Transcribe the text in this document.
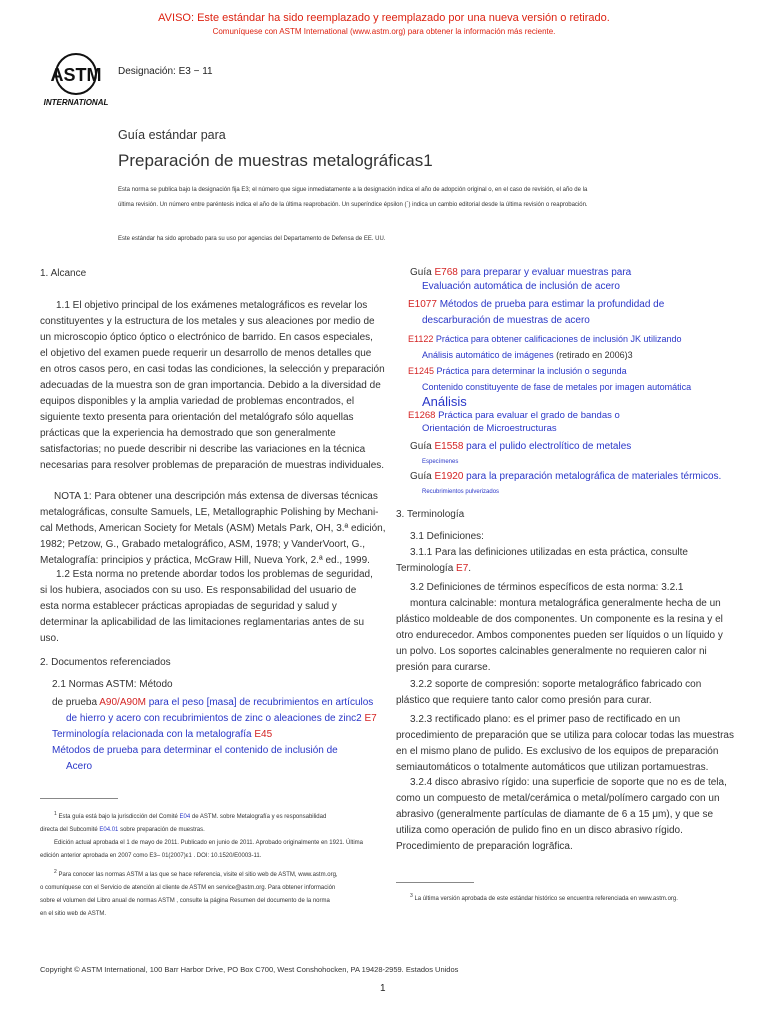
AVISO: Este estándar ha sido reemplazado y reemplazado por una nueva versión o retirado.
Comuníquese con ASTM International (www.astm.org) para obtener la información más reciente.
ASTM
INTERNATIONAL
Designación: E3 − 11
Guía estándar para
Preparación de muestras metalográficas1
Esta norma se publica bajo la designación fija E3; el número que sigue inmediatamente a la designación indica el año de adopción original o, en el caso de revisión, el año de la
última revisión. Un número entre paréntesis indica el año de la última reaprobación. Un superíndice épsilon (´) indica un cambio editorial desde la última revisión o reaprobación.
Este estándar ha sido aprobado para su uso por agencias del Departamento de Defensa de EE. UU.
1. Alcance
1.1 El objetivo principal de los exámenes metalográficos es revelar los
constituyentes y la estructura de los metales y sus aleaciones por medio de
un microscopio óptico óptico o electrónico de barrido. En casos especiales,
el objetivo del examen puede requerir un desarrollo de menos detalles que
en otros casos pero, en casi todas las condiciones, la selección y preparación
adecuadas de la muestra son de gran importancia. Debido a la diversidad de
equipos disponibles y la amplia variedad de problemas encontrados, el
siguiente texto presenta para orientación del metalógrafo sólo aquellas
prácticas que la experiencia ha demostrado que son generalmente
satisfactorias; no puede describir ni describe las variaciones en la técnica
necesarias para resolver problemas de preparación de muestras individuales.
NOTA 1: Para obtener una descripción más extensa de diversas técnicas
metalográficas, consulte Samuels, LE, Metallographic Polishing by Mechani-
cal Methods, American Society for Metals (ASM) Metals Park, OH, 3.ª edición,
1982; Petzow, G., Grabado metalográfico, ASM, 1978; y VanderVoort, G.,
Metalografía: principios y práctica, McGraw Hill, Nueva York, 2.ª ed., 1999.
1.2 Esta norma no pretende abordar todos los problemas de seguridad,
si los hubiera, asociados con su uso. Es responsabilidad del usuario de
esta norma establecer prácticas apropiadas de seguridad y salud y
determinar la aplicabilidad de las limitaciones reglamentarias antes de su
uso.
2. Documentos referenciados
2.1 Normas ASTM: Método
de prueba A90/A90M para el peso [masa] de recubrimientos en artículos
de hierro y acero con recubrimientos de zinc o aleaciones de zinc2 E7
Terminología relacionada con la metalografía E45
Métodos de prueba para determinar el contenido de inclusión de
Acero
$^1$ Esta guía está bajo la jurisdicción del Comité E04 de ASTM. sobre Metalografía y es responsabilidad
directa del Subcomité E04.01 sobre preparación de muestras.
Edición actual aprobada el 1 de mayo de 2011. Publicado en junio de 2011. Aprobado originalmente en 1921. Última
edición anterior aprobada en 2007 como E3– 01(2007)ε1 . DOI: 10.1520/E0003-11.
$^2$ Para conocer las normas ASTM a las que se hace referencia, visite el sitio web de ASTM, www.astm.org,
o comuníquese con el Servicio de atención al cliente de ASTM en service@astm.org. Para obtener información
sobre el volumen del Libro anual de normas ASTM , consulte la página Resumen del documento de la norma
en el sitio web de ASTM.
Guía E768 para preparar y evaluar muestras para
Evaluación automática de inclusión de acero
E1077 Métodos de prueba para estimar la profundidad de
descarburación de muestras de acero
E1122 Práctica para obtener calificaciones de inclusión JK utilizando
Análisis automático de imágenes (retirado en 2006)3
E1245 Práctica para determinar la inclusión o segunda
Contenido constituyente de fase de metales por imagen automática
Análisis
E1268 Práctica para evaluar el grado de bandas o
Orientación de Microestructuras
Guía E1558 para el pulido electrolítico de metales
Especímenes
Guía E1920 para la preparación metalográfica de materiales térmicos.
Recubrimientos pulverizados
3. Terminología
3.1 Definiciones:
3.1.1 Para las definiciones utilizadas en esta práctica, consulte
Terminología E7.
3.2 Definiciones de términos específicos de esta norma: 3.2.1
montura calcinable: montura metalográfica generalmente hecha de un
plástico moldeable de dos componentes. Un componente es la resina y el
otro endurecedor. Ambos componentes pueden ser líquidos o un líquido y
un polvo. Los soportes calcinables generalmente no requieren calor ni
presión para curarse.
3.2.2 soporte de compresión: soporte metalográfico fabricado con
plástico que requiere tanto calor como presión para curar.
3.2.3 rectificado plano: es el primer paso de rectificado en un
procedimiento de preparación que se utiliza para colocar todas las muestras
en el mismo plano de pulido. Es exclusivo de los equipos de preparación
semiautomáticos o totalmente automáticos que utilizan portamuestras.
3.2.4 disco abrasivo rígido: una superficie de soporte que no es de tela,
como un compuesto de metal/cerámica o metal/polímero cargado con un
abrasivo (generalmente partículas de diamante de 6 a 15 μm), y que se
utiliza como operación de pulido fino en un disco abrasivo rígido.
Procedimiento de preparación logrāfica.
$^3$ La última versión aprobada de este estándar histórico se encuentra referenciada en www.astm.org.
Copyright © ASTM International, 100 Barr Harbor Drive, PO Box C700, West Conshohocken, PA 19428-2959. Estados Unidos
1
